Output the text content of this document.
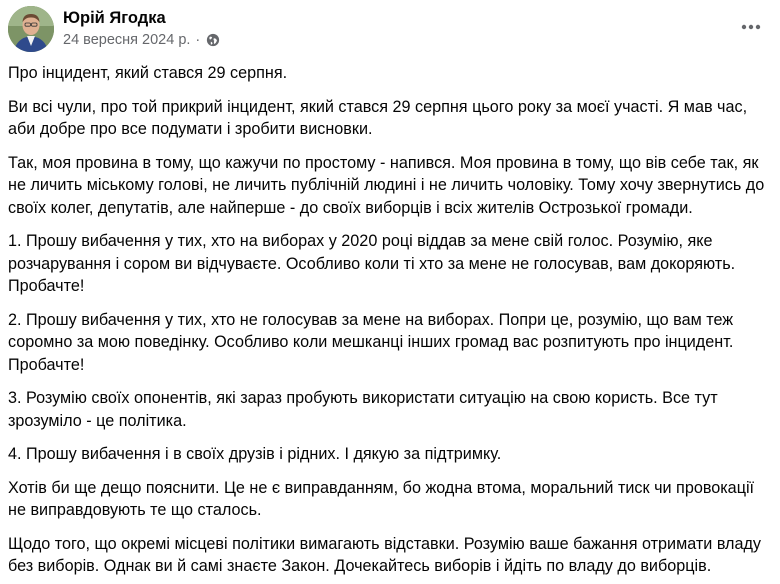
Юрій Ягодка
24 вересня 2024 р. ·

Про інцидент, який стався 29 серпня.

Ви всі чули, про той прикрий інцидент, який стався 29 серпня цього року за моєї участі. Я мав час, аби добре про все подумати і зробити висновки.

Так, моя провина в тому, що кажучи по простому - напився. Моя провина в тому, що вів себе так, як не личить міському голові, не личить публічній людині і не личить чоловіку. Тому хочу звернутись до своїх колег, депутатів, але найперше - до своїх виборців і всіх жителів Острозької громади.

1. Прошу вибачення у тих, хто на виборах у 2020 році віддав за мене свій голос. Розумію, яке розчарування і сором ви відчуваєте. Особливо коли ті хто за мене не голосував, вам докоряють. Пробачте!

2. Прошу вибачення у тих, хто не голосував за мене на виборах. Попри це, розумію, що вам теж соромно за мою поведінку. Особливо коли мешканці інших громад вас розпитують про інцидент. Пробачте!

3. Розумію своїх опонентів, які зараз пробують використати ситуацію на свою користь. Все тут зрозуміло - це політика.

4. Прошу вибачення і в своїх друзів і рідних. І дякую за підтримку.

Хотів би ще дещо пояснити. Це не є виправданням, бо жодна втома, моральний тиск чи провокації не виправдовують те що сталось.

Щодо того, що окремі місцеві політики вимагають відставки. Розумію ваше бажання отримати владу без виборів. Однак ви й самі знаєте Закон. Дочекайтесь виборів і йдіть по владу до виборців.
